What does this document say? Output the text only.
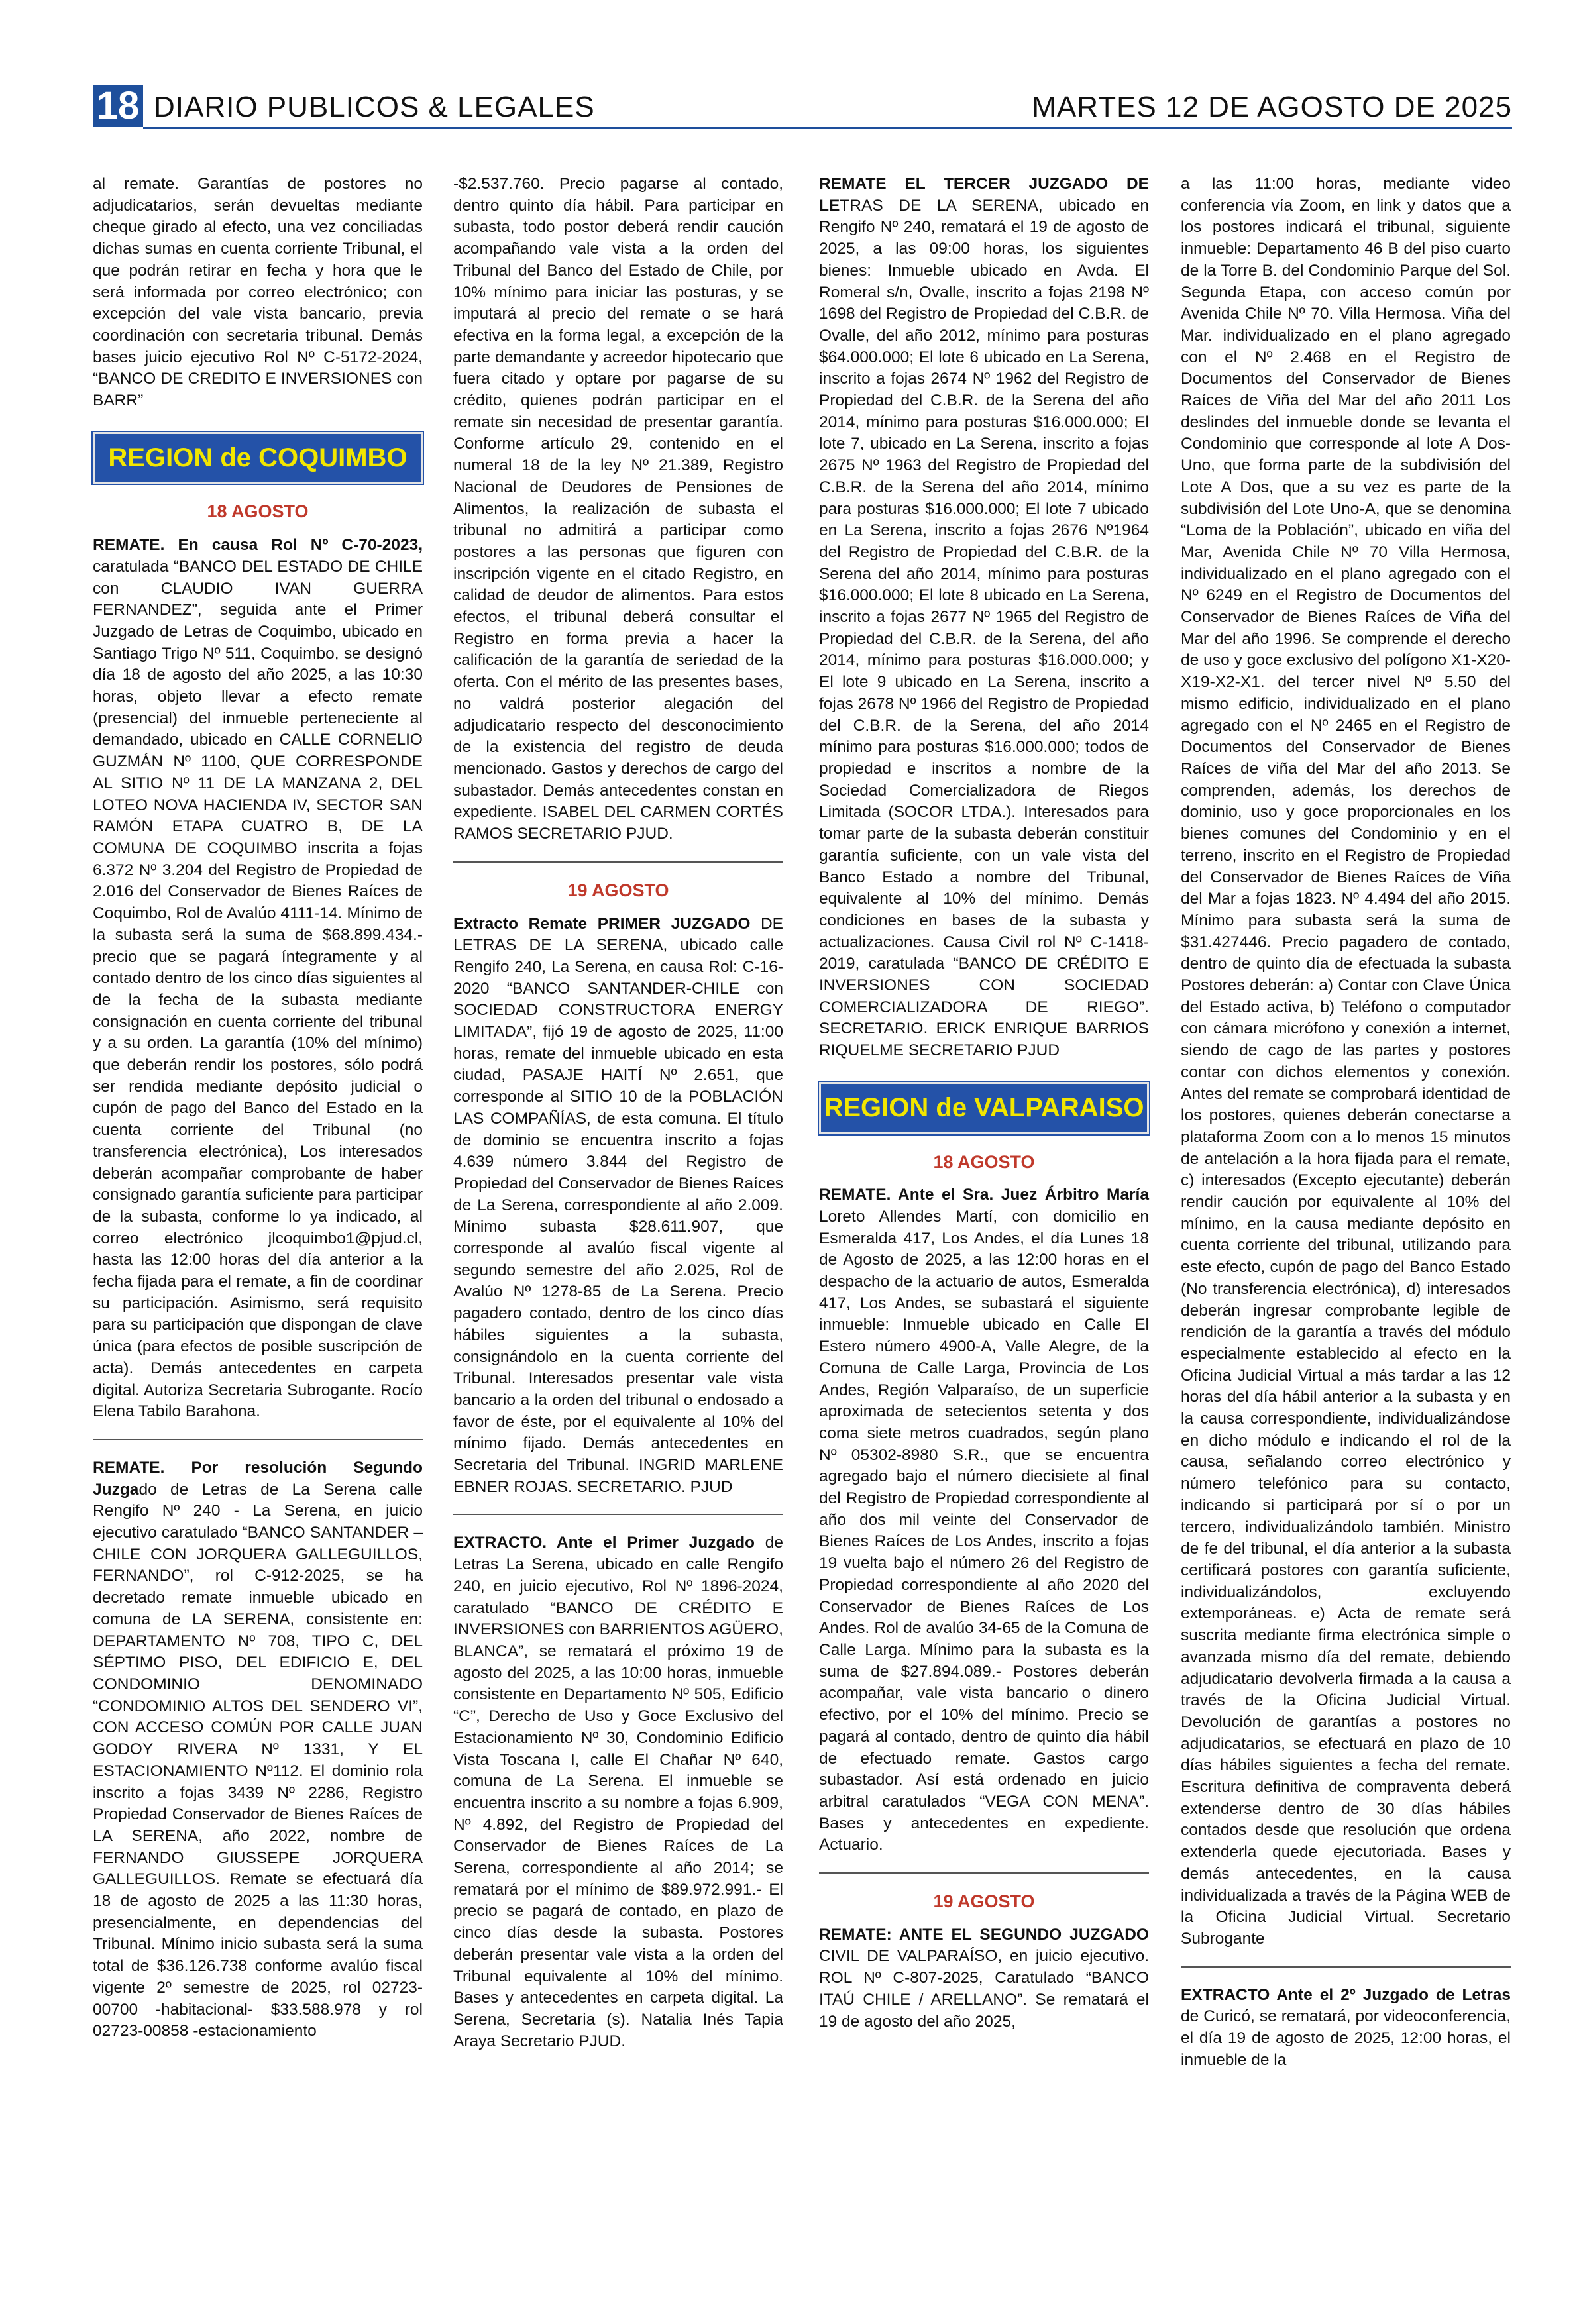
18 DIARIO PUBLICOS & LEGALES	MARTES 12 DE AGOSTO DE 2025

al remate. Garantías de postores no adjudicatarios, serán devueltas mediante cheque girado al efecto, una vez conciliadas dichas sumas en cuenta corriente Tribunal, el que podrán retirar en fecha y hora que le será informada por correo electrónico; con excepción del vale vista bancario, previa coordinación con secretaria tribunal. Demás bases juicio ejecutivo Rol Nº C-5172-2024, “BANCO DE CREDITO E INVERSIONES con BARR”

REGION de COQUIMBO
18 AGOSTO

REMATE. En causa Rol Nº C-70-2023, caratulada “BANCO DEL ESTADO DE CHILE con CLAUDIO IVAN GUERRA FERNANDEZ”, seguida ante el Primer Juzgado de Letras de Coquimbo, ubicado en Santiago Trigo Nº 511, Coquimbo, se designó día 18 de agosto del año 2025, a las 10:30 horas, objeto llevar a efecto remate (presencial) del inmueble perteneciente al demandado, ubicado en CALLE CORNELIO GUZMÁN Nº 1100, QUE CORRESPONDE AL SITIO Nº 11 DE LA MANZANA 2, DEL LOTEO NOVA HACIENDA IV, SECTOR SAN RAMÓN ETAPA CUATRO B, DE LA COMUNA DE COQUIMBO inscrita a fojas 6.372 Nº 3.204 del Registro de Propiedad de 2.016 del Conservador de Bienes Raíces de Coquimbo, Rol de Avalúo 4111-14. Mínimo de la subasta será la suma de $68.899.434.- precio que se pagará íntegramente y al contado dentro de los cinco días siguientes al de la fecha de la subasta mediante consignación en cuenta corriente del tribunal y a su orden. La garantía (10% del mínimo) que deberán rendir los postores, sólo podrá ser rendida mediante depósito judicial o cupón de pago del Banco del Estado en la cuenta corriente del Tribunal (no transferencia electrónica), Los interesados deberán acompañar comprobante de haber consignado garantía suficiente para participar de la subasta, conforme lo ya indicado, al correo electrónico jlcoquimbo1@pjud.cl, hasta las 12:00 horas del día anterior a la fecha fijada para el remate, a fin de coordinar su participación. Asimismo, será requisito para su participación que dispongan de clave única (para efectos de posible suscripción de acta). Demás antecedentes en carpeta digital. Autoriza Secretaria Subrogante. Rocío Elena Tabilo Barahona.

REMATE. Por resolución Segundo Juzgado de Letras de La Serena calle Rengifo Nº 240 - La Serena, en juicio ejecutivo caratulado “BANCO SANTANDER – CHILE CON JORQUERA GALLEGUILLOS, FERNANDO”, rol C-912-2025, se ha decretado remate inmueble ubicado en comuna de LA SERENA, consistente en: DEPARTAMENTO Nº 708, TIPO C, DEL SÉPTIMO PISO, DEL EDIFICIO E, DEL CONDOMINIO DENOMINADO “CONDOMINIO ALTOS DEL SENDERO VI”, CON ACCESO COMÚN POR CALLE JUAN GODOY RIVERA Nº 1331, Y EL ESTACIONAMIENTO Nº112. El dominio rola inscrito a fojas 3439 Nº 2286, Registro Propiedad Conservador de Bienes Raíces de LA SERENA, año 2022, nombre de FERNANDO GIUSSEPE JORQUERA GALLEGUILLOS. Remate se efectuará día 18 de agosto de 2025 a las 11:30 horas, presencialmente, en dependencias del Tribunal. Mínimo inicio subasta será la suma total de $36.126.738 conforme avalúo fiscal vigente 2º semestre de 2025, rol 02723-00700 -habitacional- $33.588.978 y rol 02723-00858 -estacionamiento

-$2.537.760. Precio pagarse al contado, dentro quinto día hábil. Para participar en subasta, todo postor deberá rendir caución acompañando vale vista a la orden del Tribunal del Banco del Estado de Chile, por 10% mínimo para iniciar las posturas, y se imputará al precio del remate o se hará efectiva en la forma legal, a excepción de la parte demandante y acreedor hipotecario que fuera citado y optare por pagarse de su crédito, quienes podrán participar en el remate sin necesidad de presentar garantía. Conforme artículo 29, contenido en el numeral 18 de la ley Nº 21.389, Registro Nacional de Deudores de Pensiones de Alimentos, la realización de subasta el tribunal no admitirá a participar como postores a las personas que figuren con inscripción vigente en el citado Registro, en calidad de deudor de alimentos. Para estos efectos, el tribunal deberá consultar el Registro en forma previa a hacer la calificación de la garantía de seriedad de la oferta. Con el mérito de las presentes bases, no valdrá posterior alegación del adjudicatario respecto del desconocimiento de la existencia del registro de deuda mencionado. Gastos y derechos de cargo del subastador. Demás antecedentes constan en expediente. ISABEL DEL CARMEN CORTÉS RAMOS SECRETARIO PJUD.

19 AGOSTO

Extracto Remate PRIMER JUZGADO DE LETRAS DE LA SERENA, ubicado calle Rengifo 240, La Serena, en causa Rol: C-16-2020 “BANCO SANTANDER-CHILE con SOCIEDAD CONSTRUCTORA ENERGY LIMITADA”, fijó 19 de agosto de 2025, 11:00 horas, remate del inmueble ubicado en esta ciudad, PASAJE HAITÍ Nº 2.651, que corresponde al SITIO 10 de la POBLACIÓN LAS COMPAÑÍAS, de esta comuna. El título de dominio se encuentra inscrito a fojas 4.639 número 3.844 del Registro de Propiedad del Conservador de Bienes Raíces de La Serena, correspondiente al año 2.009. Mínimo subasta $28.611.907, que corresponde al avalúo fiscal vigente al segundo semestre del año 2.025, Rol de Avalúo Nº 1278-85 de La Serena. Precio pagadero contado, dentro de los cinco días hábiles siguientes a la subasta, consignándolo en la cuenta corriente del Tribunal. Interesados presentar vale vista bancario a la orden del tribunal o endosado a favor de éste, por el equivalente al 10% del mínimo fijado. Demás antecedentes en Secretaria del Tribunal. INGRID MARLENE EBNER ROJAS. SECRETARIO. PJUD

EXTRACTO. Ante el Primer Juzgado de Letras La Serena, ubicado en calle Rengifo 240, en juicio ejecutivo, Rol Nº 1896-2024, caratulado “BANCO DE CRÉDITO E INVERSIONES con BARRIENTOS AGÜERO, BLANCA”, se rematará el próximo 19 de agosto del 2025, a las 10:00 horas, inmueble consistente en Departamento Nº 505, Edificio “C”, Derecho de Uso y Goce Exclusivo del Estacionamiento Nº 30, Condominio Edificio Vista Toscana I, calle El Chañar Nº 640, comuna de La Serena. El inmueble se encuentra inscrito a su nombre a fojas 6.909, Nº 4.892, del Registro de Propiedad del Conservador de Bienes Raíces de La Serena, correspondiente al año 2014; se rematará por el mínimo de $89.972.991.- El precio se pagará de contado, en plazo de cinco días desde la subasta. Postores deberán presentar vale vista a la orden del Tribunal equivalente al 10% del mínimo. Bases y antecedentes en carpeta digital. La Serena, Secretaria (s). Natalia Inés Tapia Araya Secretario PJUD.

REMATE EL TERCER JUZGADO DE LETRAS DE LA SERENA, ubicado en Rengifo Nº 240, rematará el 19 de agosto de 2025, a las 09:00 horas, los siguientes bienes: Inmueble ubicado en Avda. El Romeral s/n, Ovalle, inscrito a fojas 2198 Nº 1698 del Registro de Propiedad del C.B.R. de Ovalle, del año 2012, mínimo para posturas $64.000.000; El lote 6 ubicado en La Serena, inscrito a fojas 2674 Nº 1962 del Registro de Propiedad del C.B.R. de la Serena del año 2014, mínimo para posturas $16.000.000; El lote 7, ubicado en La Serena, inscrito a fojas 2675 Nº 1963 del Registro de Propiedad del C.B.R. de la Serena del año 2014, mínimo para posturas $16.000.000; El lote 7 ubicado en La Serena, inscrito a fojas 2676 Nº1964 del Registro de Propiedad del C.B.R. de la Serena del año 2014, mínimo para posturas $16.000.000; El lote 8 ubicado en La Serena, inscrito a fojas 2677 Nº 1965 del Registro de Propiedad del C.B.R. de la Serena, del año 2014, mínimo para posturas $16.000.000; y El lote 9 ubicado en La Serena, inscrito a fojas 2678 Nº 1966 del Registro de Propiedad del C.B.R. de la Serena, del año 2014 mínimo para posturas $16.000.000; todos de propiedad e inscritos a nombre de la Sociedad Comercializadora de Riegos Limitada (SOCOR LTDA.). Interesados para tomar parte de la subasta deberán constituir garantía suficiente, con un vale vista del Banco Estado a nombre del Tribunal, equivalente al 10% del mínimo. Demás condiciones en bases de la subasta y actualizaciones. Causa Civil rol Nº C-1418-2019, caratulada “BANCO DE CRÉDITO E INVERSIONES CON SOCIEDAD COMERCIALIZADORA DE RIEGO”. SECRETARIO. ERICK ENRIQUE BARRIOS RIQUELME SECRETARIO PJUD

REGION de VALPARAISO
18 AGOSTO

REMATE. Ante el Sra. Juez Árbitro María Loreto Allendes Martí, con domicilio en Esmeralda 417, Los Andes, el día Lunes 18 de Agosto de 2025, a las 12:00 horas en el despacho de la actuario de autos, Esmeralda 417, Los Andes, se subastará el siguiente inmueble: Inmueble ubicado en Calle El Estero número 4900-A, Valle Alegre, de la Comuna de Calle Larga, Provincia de Los Andes, Región Valparaíso, de un superficie aproximada de setecientos setenta y dos coma siete metros cuadrados, según plano Nº 05302-8980 S.R., que se encuentra agregado bajo el número diecisiete al final del Registro de Propiedad correspondiente al año dos mil veinte del Conservador de Bienes Raíces de Los Andes, inscrito a fojas 19 vuelta bajo el número 26 del Registro de Propiedad correspondiente al año 2020 del Conservador de Bienes Raíces de Los Andes. Rol de avalúo 34-65 de la Comuna de Calle Larga. Mínimo para la subasta es la suma de $27.894.089.- Postores deberán acompañar, vale vista bancario o dinero efectivo, por el 10% del mínimo. Precio se pagará al contado, dentro de quinto día hábil de efectuado remate. Gastos cargo subastador. Así está ordenado en juicio arbitral caratulados “VEGA CON MENA”. Bases y antecedentes en expediente. Actuario.

19 AGOSTO

REMATE: ANTE EL SEGUNDO JUZGADO CIVIL DE VALPARAÍSO, en juicio ejecutivo. ROL Nº C-807-2025, Caratulado “BANCO ITAÚ CHILE / ARELLANO”. Se rematará el 19 de agosto del año 2025,

a las 11:00 horas, mediante video conferencia vía Zoom, en link y datos que a los postores indicará el tribunal, siguiente inmueble: Departamento 46 B del piso cuarto de la Torre B. del Condominio Parque del Sol. Segunda Etapa, con acceso común por Avenida Chile Nº 70. Villa Hermosa. Viña del Mar. individualizado en el plano agregado con el Nº 2.468 en el Registro de Documentos del Conservador de Bienes Raíces de Viña del Mar del año 2011 Los deslindes del inmueble donde se levanta el Condominio que corresponde al lote A Dos-Uno, que forma parte de la subdivisión del Lote A Dos, que a su vez es parte de la subdivisión del Lote Uno-A, que se denomina “Loma de la Población”, ubicado en viña del Mar, Avenida Chile Nº 70 Villa Hermosa, individualizado en el plano agregado con el Nº 6249 en el Registro de Documentos del Conservador de Bienes Raíces de Viña del Mar del año 1996. Se comprende el derecho de uso y goce exclusivo del polígono X1-X20-X19-X2-X1. del tercer nivel Nº 5.50 del mismo edificio, individualizado en el plano agregado con el Nº 2465 en el Registro de Documentos del Conservador de Bienes Raíces de viña del Mar del año 2013. Se comprenden, además, los derechos de dominio, uso y goce proporcionales en los bienes comunes del Condominio y en el terreno, inscrito en el Registro de Propiedad del Conservador de Bienes Raíces de Viña del Mar a fojas 1823. Nº 4.494 del año 2015. Mínimo para subasta será la suma de $31.427446. Precio pagadero de contado, dentro de quinto día de efectuada la subasta Postores deberán: a) Contar con Clave Única del Estado activa, b) Teléfono o computador con cámara micrófono y conexión a internet, siendo de cago de las partes y postores contar con dichos elementos y conexión. Antes del remate se comprobará identidad de los postores, quienes deberán conectarse a plataforma Zoom con a lo menos 15 minutos de antelación a la hora fijada para el remate, c) interesados (Excepto ejecutante) deberán rendir caución por equivalente al 10% del mínimo, en la causa mediante depósito en cuenta corriente del tribunal, utilizando para este efecto, cupón de pago del Banco Estado (No transferencia electrónica), d) interesados deberán ingresar comprobante legible de rendición de la garantía a través del módulo especialmente establecido al efecto en la Oficina Judicial Virtual a más tardar a las 12 horas del día hábil anterior a la subasta y en la causa correspondiente, individualizándose en dicho módulo e indicando el rol de la causa, señalando correo electrónico y número telefónico para su contacto, indicando si participará por sí o por un tercero, individualizándolo también. Ministro de fe del tribunal, el día anterior a la subasta certificará postores con garantía suficiente, individualizándolos, excluyendo extemporáneas. e) Acta de remate será suscrita mediante firma electrónica simple o avanzada mismo día del remate, debiendo adjudicatario devolverla firmada a la causa a través de la Oficina Judicial Virtual. Devolución de garantías a postores no adjudicatarios, se efectuará en plazo de 10 días hábiles siguientes a fecha del remate. Escritura definitiva de compraventa deberá extenderse dentro de 30 días hábiles contados desde que resolución que ordena extenderla quede ejecutoriada. Bases y demás antecedentes, en la causa individualizada a través de la Página WEB de la Oficina Judicial Virtual. Secretario Subrogante

EXTRACTO Ante el 2º Juzgado de Letras de Curicó, se rematará, por videoconferencia, el día 19 de agosto de 2025, 12:00 horas, el inmueble de la
